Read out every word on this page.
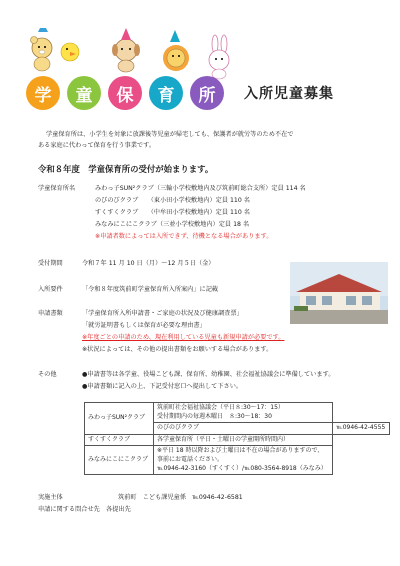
学 童 保 育 所 入所児童募集
学童保育所は、小学生を対象に放課後等児童が帰宅しても、保護者が就労等のため不在で
ある家庭に代わって保育を行う事業です。
令和８年度　学童保育所の受付が始まります。
学童保育所名	みわっ子SUN²クラブ（三輪小学校敷地内及び筑前町総合支所）定員 114 名
のびのびクラブ　　（東小田小学校敷地内）定員 110 名
すくすくクラブ　　（中牟田小学校敷地内）定員 110 名
みなみにこにこクラブ（三並小学校敷地内）定員 18 名
※申請者数によっては入所できず、待機となる場合があります。
受付期間	令和７年 11 月 10 日（月）〜12 月５日（金）
入所要件	「令和８年度筑前町学童保育所入所案内」に記載
申請書類	「学童保育所入所申請書・ご家庭の状況及び健康調査票」
「就労証明書もしくは保育が必要な理由書」
※年度ごとの申請のため、現在利用している児童も新規申請が必要です。
※状況によっては、その他の提出書類をお願いする場合があります。
その他	●申請書等は各学童、役場こども課、保育所、幼稚園、社会福祉協議会に準備しています。
●申請書類に記入の上、下記受付窓口へ提出して下さい。
みわっ子SUN²クラブ	筑前町社会福祉協議会（平日８:30〜17：15）
受付期間内の毎週木曜日　８:30〜18：30	

	のびのびクラブ	℡0946-42-4555
すくすくクラブ	各学童保育所（平日・土曜日の学童開所時間内）	
みなみにこにこクラブ	※平日 18 時以降および土曜日は不在の場合がありますので、
事前にお電話ください。
℡0946-42-3160（すくすく）/℡080-3564-8918（みなみ）	
実施主体	筑前町　こども課児童係　℡0946-42-6581
申請に関する問合せ先　各提出先
